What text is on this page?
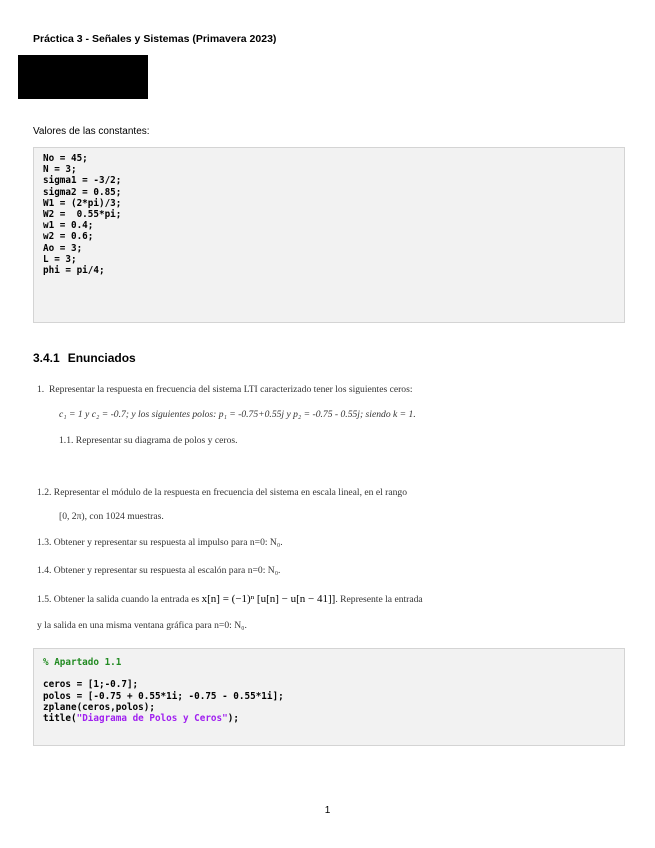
Práctica 3 - Señales y Sistemas (Primavera 2023)
Valores de las constantes:
No = 45;
N = 3;
sigma1 = -3/2;
sigma2 = 0.85;
W1 = (2*pi)/3;
W2 =  0.55*pi;
w1 = 0.4;
w2 = 0.6;
Ao = 3;
L = 3;
phi = pi/4;
3.4.1 Enunciados
1. Representar la respuesta en frecuencia del sistema LTI caracterizado tener los siguientes ceros:
c₁ = 1 y c₂ = -0.7; y los siguientes polos: p₁ = -0.75+0.55j y p₂ = -0.75 - 0.55j; siendo k = 1.
1.1. Representar su diagrama de polos y ceros.
1.2. Representar el módulo de la respuesta en frecuencia del sistema en escala lineal, en el rango
[0, 2π), con 1024 muestras.
1.3. Obtener y representar su respuesta al impulso para n=0: N₀.
1.4. Obtener y representar su respuesta al escalón para n=0: N₀.
1.5. Obtener la salida cuando la entrada es x[n] = (−1)ⁿ [u[n] − u[n − 41]]. Represente la entrada
y la salida en una misma ventana gráfica para n=0: N₀.
% Apartado 1.1
ceros = [1;-0.7];
polos = [-0.75 + 0.55*1i; -0.75 - 0.55*1i];
zplane(ceros,polos);
title("Diagrama de Polos y Ceros");
1
